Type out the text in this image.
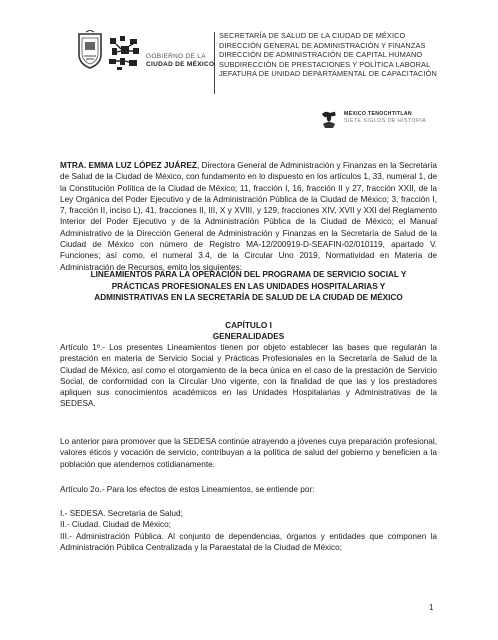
GOBIERNO DE LA
CIUDAD DE MÉXICO
SECRETARÍA DE SALUD DE LA CIUDAD DE MÉXICO
DIRECCIÓN GENERAL DE ADMINISTRACIÓN Y FINANZAS
DIRECCIÓN DE ADMINISTRACIÓN DE CAPITAL HUMANO
SUBDIRECCIÓN DE PRESTACIONES Y POLÍTICA LABORAL
JEFATURA DE UNIDAD DEPARTAMENTAL DE CAPACITACIÓN
MÉXICO TENOCHTITLAN
SIETE SIGLOS DE HISTORIA
MTRA. EMMA LUZ LÓPEZ JUÁREZ, Directora General de Administración y Finanzas en la Secretaría de Salud de la Ciudad de México, con fundamento en lo dispuesto en los artículos 1, 33, numeral 1, de la Constitución Política de la Ciudad de México; 11, fracción I, 16, fracción II y 27, fracción XXII, de la Ley Orgánica del Poder Ejecutivo y de la Administración Pública de la Ciudad de México; 3, fracción I, 7, fracción II, inciso L), 41, fracciones II, III, X y XVIII, y 129, fracciones XIV, XVII y XXI del Reglamento Interior del Poder Ejecutivo y de la Administración Pública de la Ciudad de México; el Manual Administrativo de la Dirección General de Administración y Finanzas en la Secretaría de Salud de la Ciudad de México con número de Registro MA-12/200919-D-SEAFIN-02/010119, apartado V. Funciones; así como, el numeral 3.4, de la Circular Uno 2019, Normatividad en Materia de Administración de Recursos, emito los siguientes:
LINEAMIENTOS PARA LA OPERACIÓN DEL PROGRAMA DE SERVICIO SOCIAL Y
PRÁCTICAS PROFESIONALES EN LAS UNIDADES HOSPITALARIAS Y
ADMINISTRATIVAS EN LA SECRETARÍA DE SALUD DE LA CIUDAD DE MÉXICO
CAPÍTULO I
GENERALIDADES
Artículo 1º.- Los presentes Lineamientos tienen por objeto establecer las bases que regularán la prestación en materia de Servicio Social y Prácticas Profesionales en la Secretaría de Salud de la Ciudad de México, así como el otorgamiento de la beca única en el caso de la prestación de Servicio Social, de conformidad con la Circular Uno vigente, con la finalidad de que las y los prestadores apliquen sus conocimientos académicos en las Unidades Hospitalarias y Administrativas de la SEDESA.
Lo anterior para promover que la SEDESA continúe atrayendo a jóvenes cuya preparación profesional, valores éticos y vocación de servicio, contribuyan a la política de salud del gobierno y beneficien a la población que atendemos cotidianamente.
Artículo 2o.- Para los efectos de estos Lineamientos, se entiende por:
I.- SEDESA. Secretaría de Salud;
II.- Ciudad. Ciudad de México;
III.- Administración Pública. Al conjunto de dependencias, órganos y entidades que componen la Administración Pública Centralizada y la Paraestatal de la Ciudad de México;
1
